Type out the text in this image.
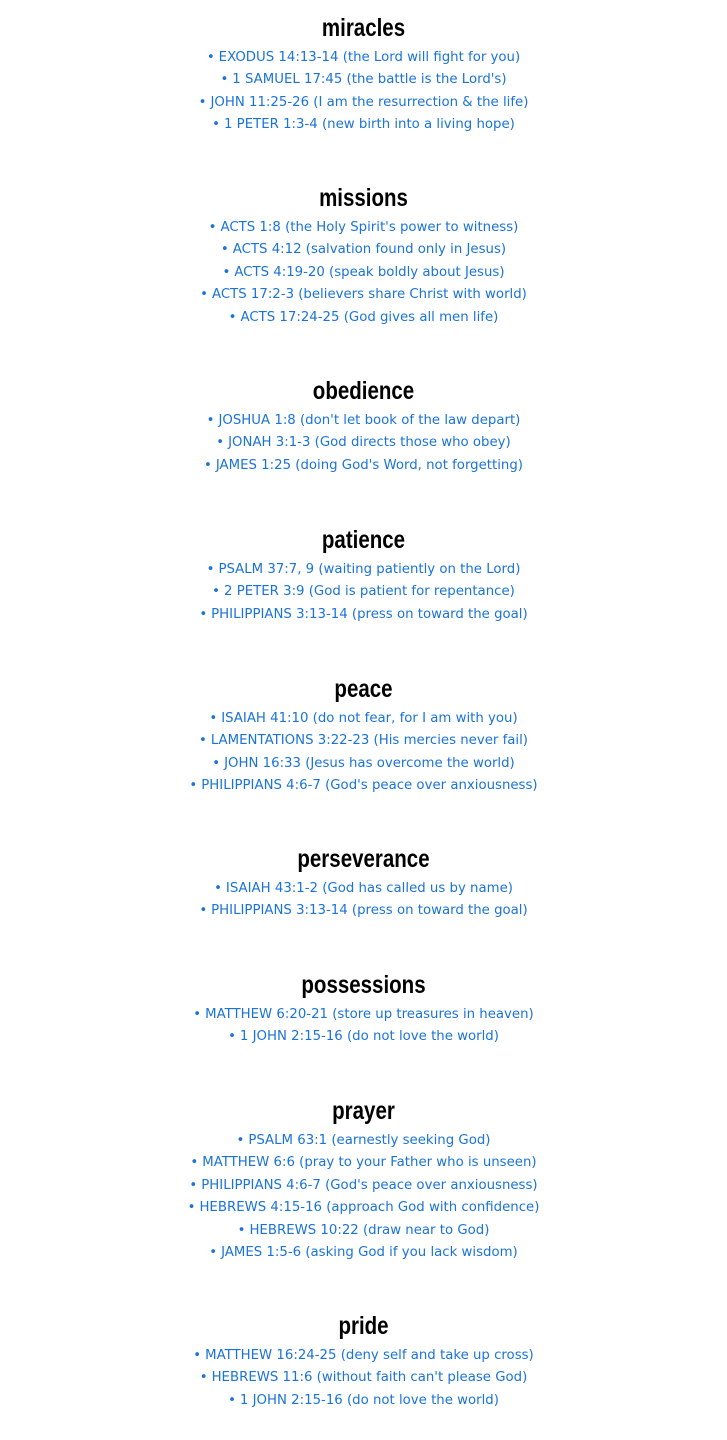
miracles
• EXODUS 14:13-14 (the Lord will fight for you)
• 1 SAMUEL 17:45 (the battle is the Lord's)
• JOHN 11:25-26 (I am the resurrection & the life)
• 1 PETER 1:3-4 (new birth into a living hope)
missions
• ACTS 1:8 (the Holy Spirit's power to witness)
• ACTS 4:12 (salvation found only in Jesus)
• ACTS 4:19-20 (speak boldly about Jesus)
• ACTS 17:2-3 (believers share Christ with world)
• ACTS 17:24-25 (God gives all men life)
obedience
• JOSHUA 1:8 (don't let book of the law depart)
• JONAH 3:1-3 (God directs those who obey)
• JAMES 1:25 (doing God's Word, not forgetting)
patience
• PSALM 37:7, 9 (waiting patiently on the Lord)
• 2 PETER 3:9 (God is patient for repentance)
• PHILIPPIANS 3:13-14 (press on toward the goal)
peace
• ISAIAH 41:10 (do not fear, for I am with you)
• LAMENTATIONS 3:22-23 (His mercies never fail)
• JOHN 16:33 (Jesus has overcome the world)
• PHILIPPIANS 4:6-7 (God's peace over anxiousness)
perseverance
• ISAIAH 43:1-2 (God has called us by name)
• PHILIPPIANS 3:13-14 (press on toward the goal)
possessions
• MATTHEW 6:20-21 (store up treasures in heaven)
• 1 JOHN 2:15-16 (do not love the world)
prayer
• PSALM 63:1 (earnestly seeking God)
• MATTHEW 6:6 (pray to your Father who is unseen)
• PHILIPPIANS 4:6-7 (God's peace over anxiousness)
• HEBREWS 4:15-16 (approach God with confidence)
• HEBREWS 10:22 (draw near to God)
• JAMES 1:5-6 (asking God if you lack wisdom)
pride
• MATTHEW 16:24-25 (deny self and take up cross)
• HEBREWS 11:6 (without faith can't please God)
• 1 JOHN 2:15-16 (do not love the world)
